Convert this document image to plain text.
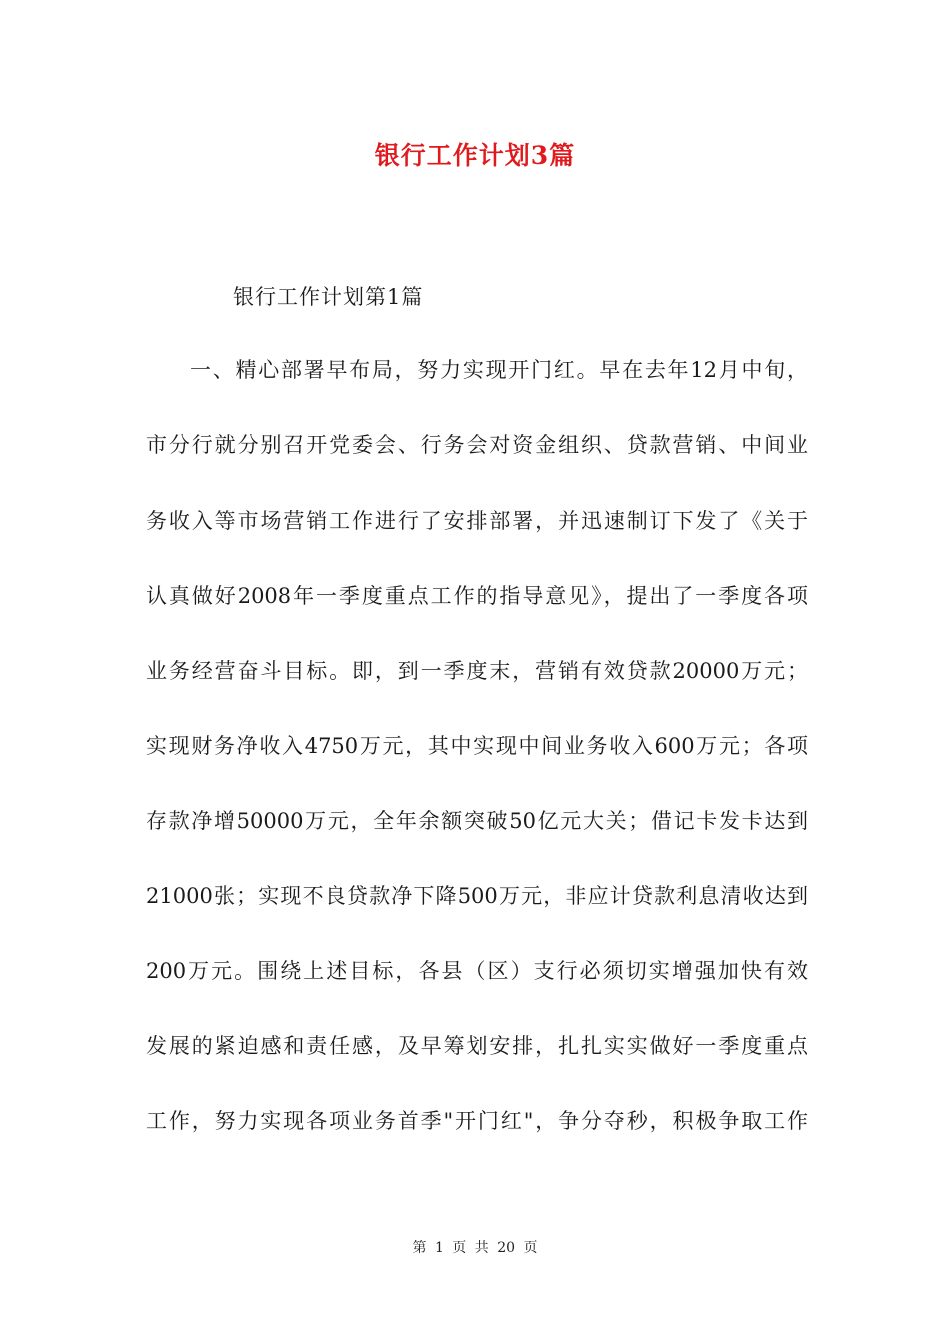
银行工作计划3篇
银行工作计划第1篇
一、精心部署早布局，努力实现开门红。早在去年12月中旬，
市分行就分别召开党委会、行务会对资金组织、贷款营销、中间业
务收入等市场营销工作进行了安排部署，并迅速制订下发了《关于
认真做好2008年一季度重点工作的指导意见》，提出了一季度各项
业务经营奋斗目标。即，到一季度末，营销有效贷款20000万元；
实现财务净收入4750万元，其中实现中间业务收入600万元；各项
存款净增50000万元，全年余额突破50亿元大关；借记卡发卡达到
21000张；实现不良贷款净下降500万元，非应计贷款利息清收达到
200万元。围绕上述目标，各县（区）支行必须切实增强加快有效
发展的紧迫感和责任感，及早筹划安排，扎扎实实做好一季度重点
工作，努力实现各项业务首季"开门红"，争分夺秒，积极争取工作
第 1 页 共 20 页
